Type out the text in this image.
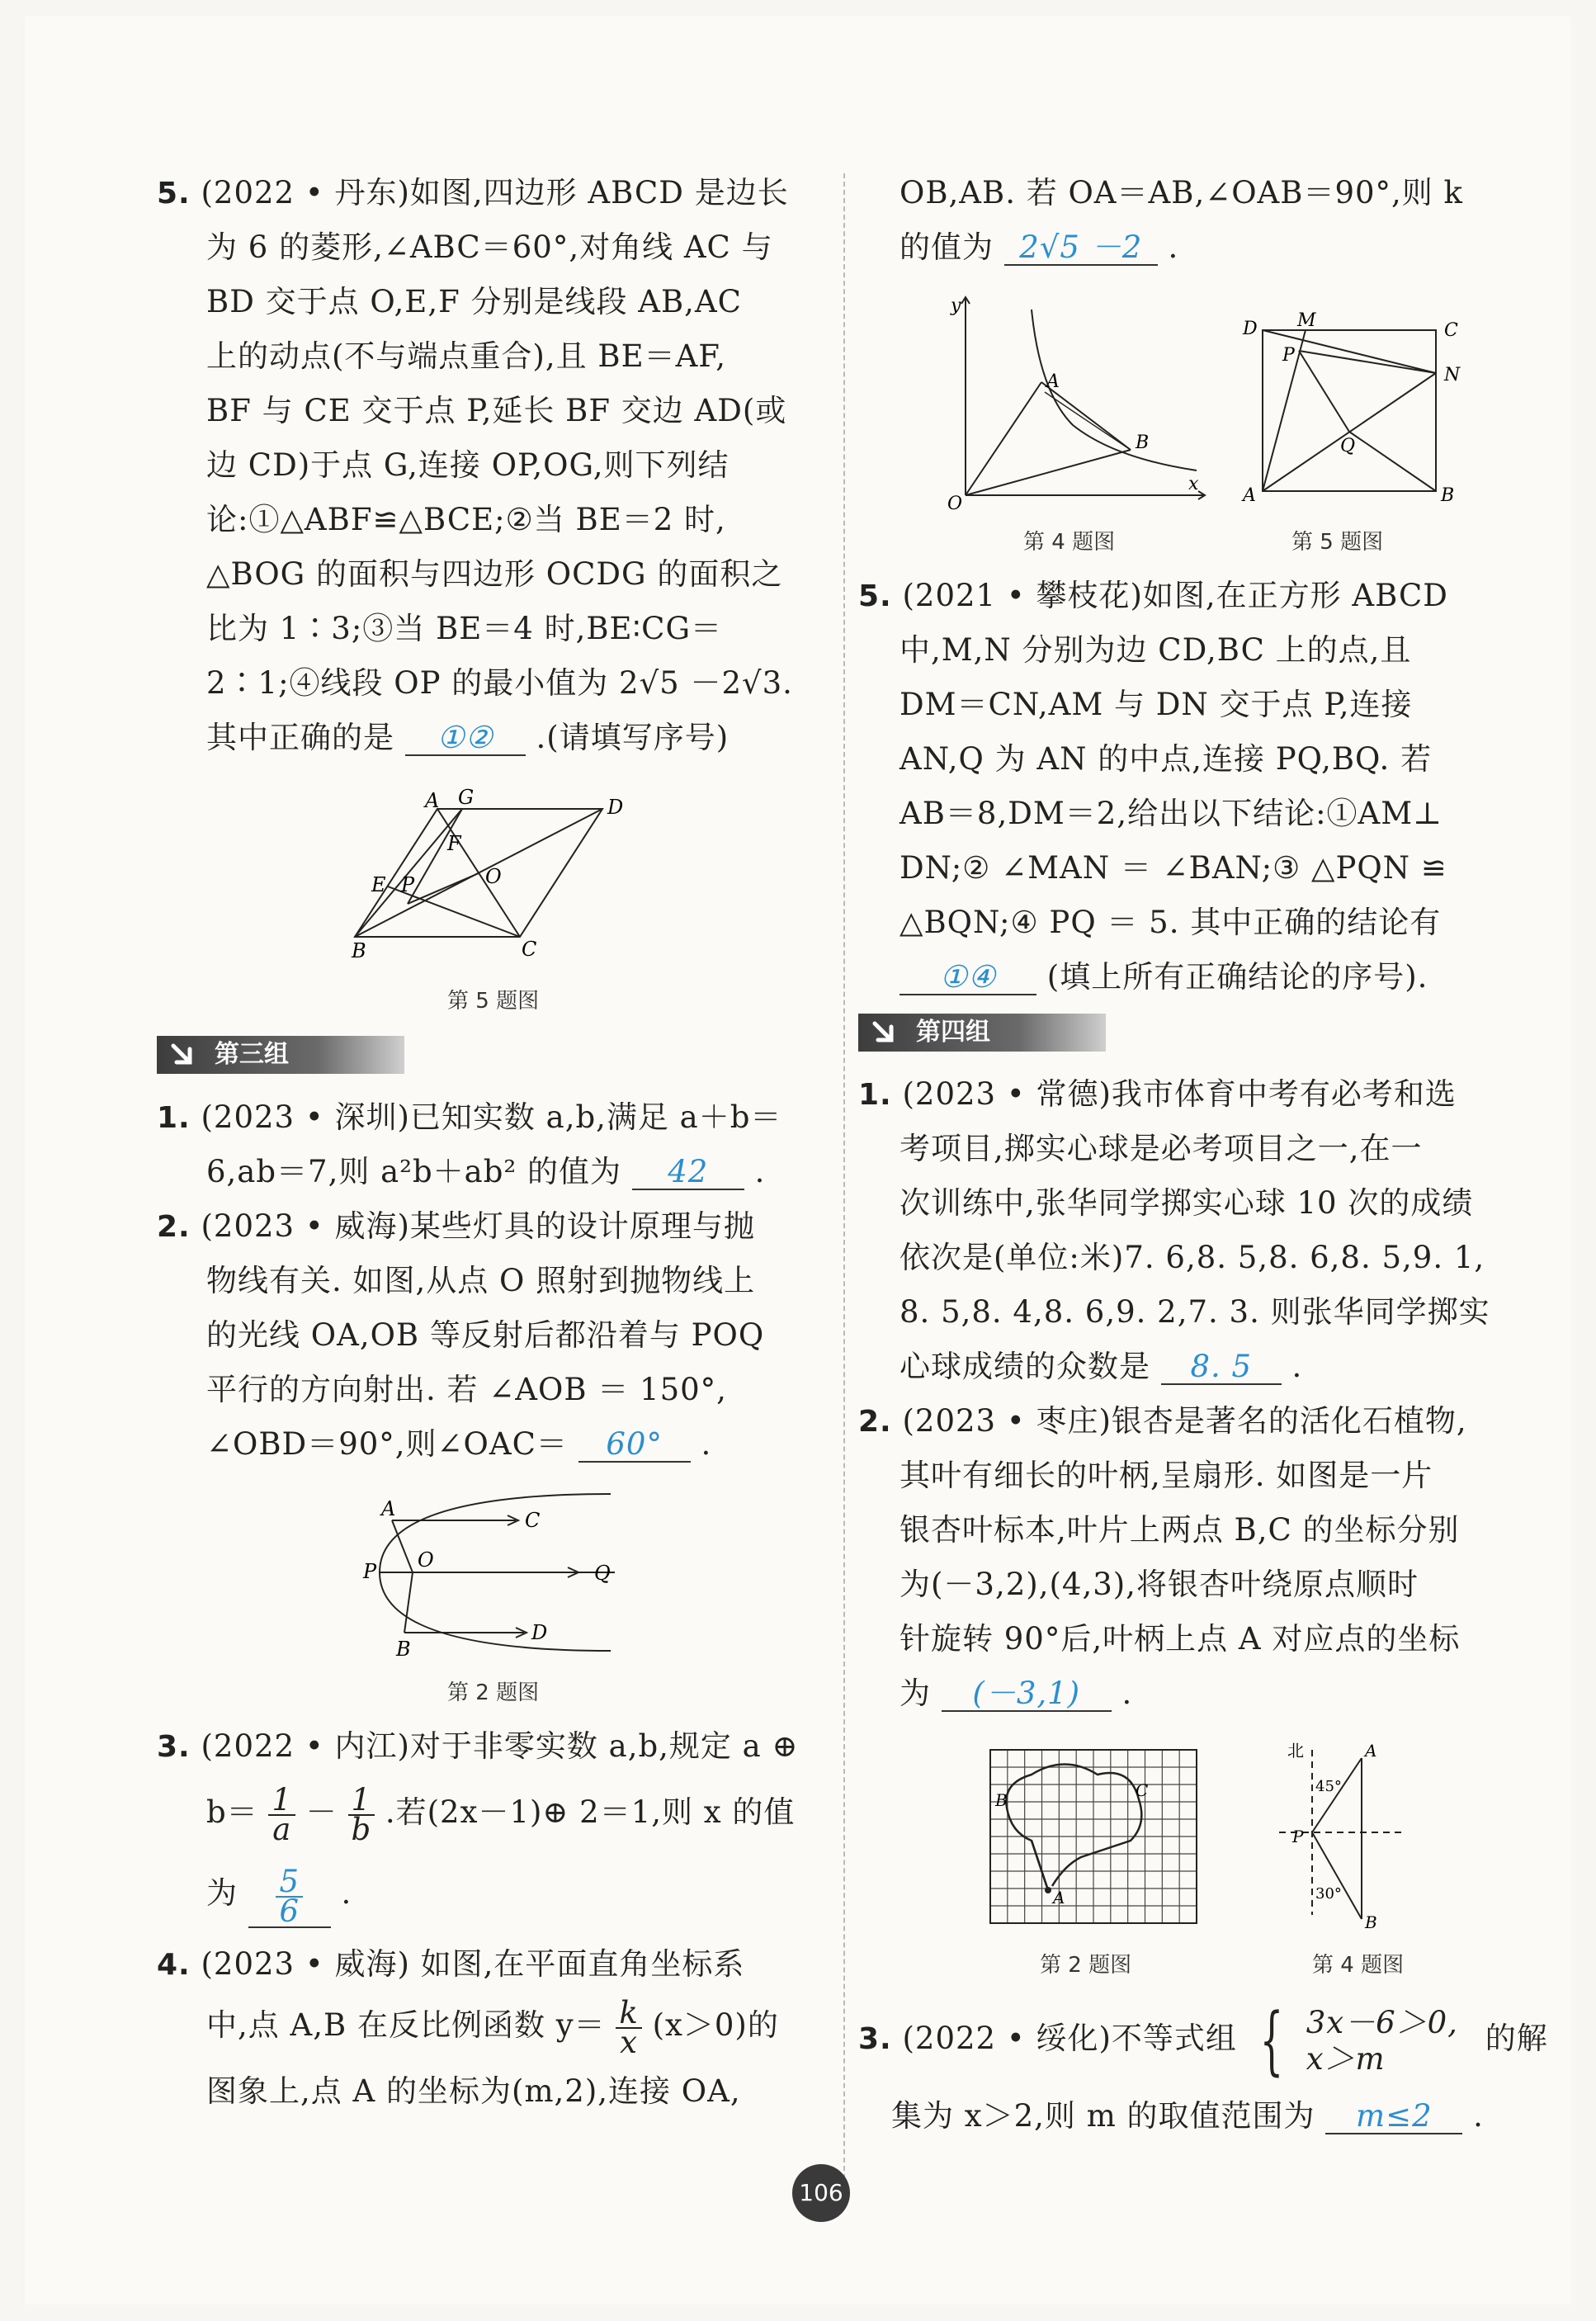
5. (2022 • 丹东)如图,四边形 ABCD 是边长
为 6 的菱形,∠ABC＝60°,对角线 AC 与
BD 交于点 O,E,F 分别是线段 AB,AC
上的动点(不与端点重合),且 BE＝AF,
BF 与 CE 交于点 P,延长 BF 交边 AD(或
边 CD)于点 G,连接 OP,OG,则下列结
论:①△ABF≌△BCE;②当 BE＝2 时,
△BOG 的面积与四边形 OCDG 的面积之
比为 1∶3;③当 BE＝4 时,BE∶CG＝
2∶1;④线段 OP 的最小值为 2√5 －2√3.
其中正确的是 ①② .(请填写序号)
A G	D
F
E P	O
B	C
第 5 题图
第三组
1. (2023 • 深圳)已知实数 a,b,满足 a＋b＝
6,ab＝7,则 a²b＋ab² 的值为 42 .
2. (2023 • 威海)某些灯具的设计原理与抛
物线有关. 如图,从点 O 照射到抛物线上
的光线 OA,OB 等反射后都沿着与 POQ
平行的方向射出. 若 ∠AOB ＝ 150°,
∠OBD＝90°,则∠OAC＝ 60° .
A	C
P O
Q
D
B
第 2 题图
3. (2022 • 内江)对于非零实数 a,b,规定 a ⊕
$b= \frac{1}{a} - \frac{1}{b}$ .若(2x－1)⊕ 2＝1,则 x 的值
为 $\frac{5}{6}$ .
4. (2023 • 威海) 如图,在平面直角坐标系
中,点 A,B 在反比例函数 $y= \frac{k}{x} (x>0)$的
图象上,点 A 的坐标为(m,2),连接 OA,
OB,AB. 若 OA＝AB,∠OAB＝90°,则 k
的值为 2√5 －2 .
y
A
B
O
x
第 4 题图
D M	C
P
N
Q
A	B
第 5 题图
5. (2021 • 攀枝花)如图,在正方形 ABCD
中,M,N 分别为边 CD,BC 上的点,且
DM＝CN,AM 与 DN 交于点 P,连接
AN,Q 为 AN 的中点,连接 PQ,BQ. 若
AB＝8,DM＝2,给出以下结论:①AM⊥
DN;② ∠MAN ＝ ∠BAN;③ △PQN ≌
△BQN;④ PQ ＝ 5. 其中正确的结论有
①④ (填上所有正确结论的序号).
第四组
1. (2023 • 常德)我市体育中考有必考和选
考项目,掷实心球是必考项目之一,在一
次训练中,张华同学掷实心球 10 次的成绩
依次是(单位:米)7. 6,8. 5,8. 6,8. 5,9. 1,
8. 5,8. 4,8. 6,9. 2,7. 3. 则张华同学掷实
心球成绩的众数是 8. 5 .
2. (2023 • 枣庄)银杏是著名的活化石植物,
其叶有细长的叶柄,呈扇形. 如图是一片
银杏叶标本,叶片上两点 B,C 的坐标分别
为(－3,2),(4,3),将银杏叶绕原点顺时
针旋转 90°后,叶柄上点 A 对应点的坐标
为 (－3,1) .
B	C
A
第 2 题图
北	A
45°
P
30°
B
第 4 题图
3. (2022 • 绥化)不等式组 { 3x－6＞0,
x＞m
的解
集为 x＞2,则 m 的取值范围为 m≤2 .
106
